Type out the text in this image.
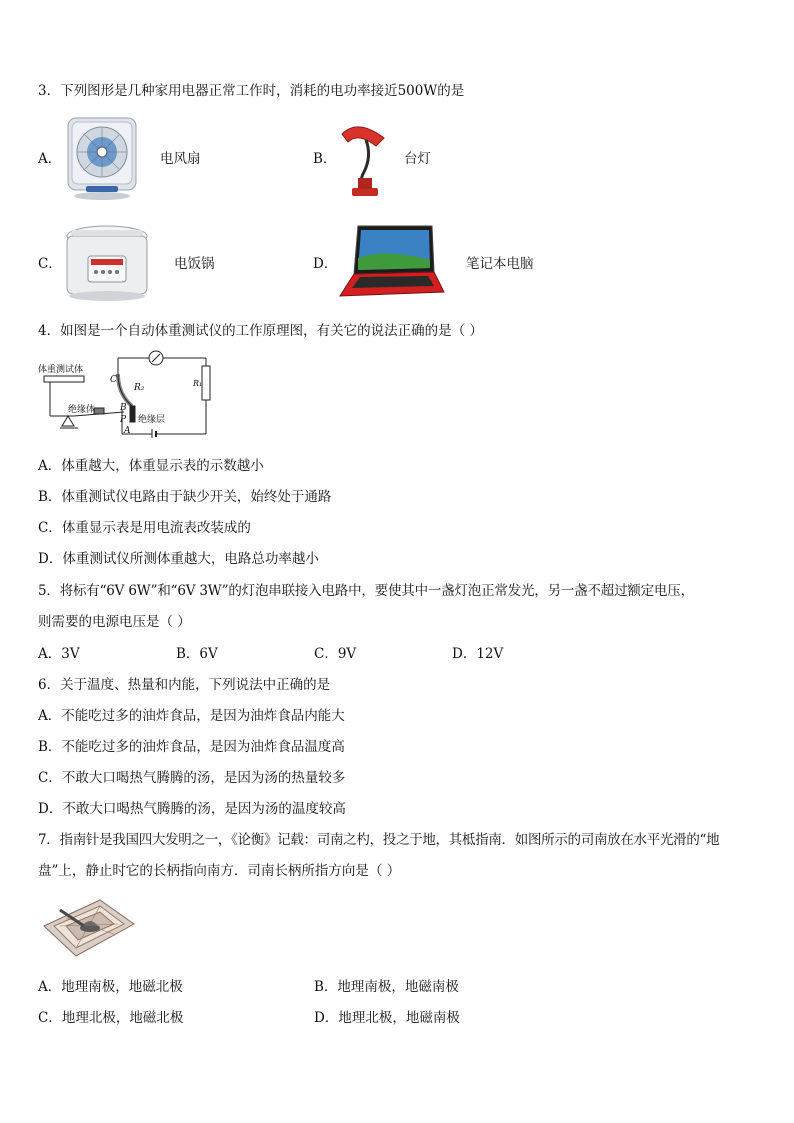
3．下列图形是几种家用电器正常工作时，消耗的电功率接近500W的是
A．	电风扇	B．	台灯
C．	电饭锅	D．	笔记本电脑
4．如图是一个自动体重测试仪的工作原理图，有关它的说法正确的是（ ）
体重测试体
绝缘体
绝缘层
R₂	R₁
C
B
P
A
A．体重越大，体重显示表的示数越小
B．体重测试仪电路由于缺少开关，始终处于通路
C．体重显示表是用电流表改装成的
D．体重测试仪所测体重越大，电路总功率越小
5．将标有“6V 6W”和“6V 3W”的灯泡串联接入电路中，要使其中一盏灯泡正常发光，另一盏不超过额定电压，
则需要的电源电压是（ ）
A．3V	B．6V	C．9V	D．12V
6．关于温度、热量和内能，下列说法中正确的是
A．不能吃过多的油炸食品，是因为油炸食品内能大
B．不能吃过多的油炸食品，是因为油炸食品温度高
C．不敢大口喝热气腾腾的汤，是因为汤的热量较多
D．不敢大口喝热气腾腾的汤，是因为汤的温度较高
7．指南针是我国四大发明之一，《论衡》记载：司南之杓，投之于地，其柢指南．如图所示的司南放在水平光滑的“地
盘”上，静止时它的长柄指向南方．司南长柄所指方向是（ ）
A．地理南极，地磁北极	B．地理南极，地磁南极
C．地理北极，地磁北极	D．地理北极，地磁南极
